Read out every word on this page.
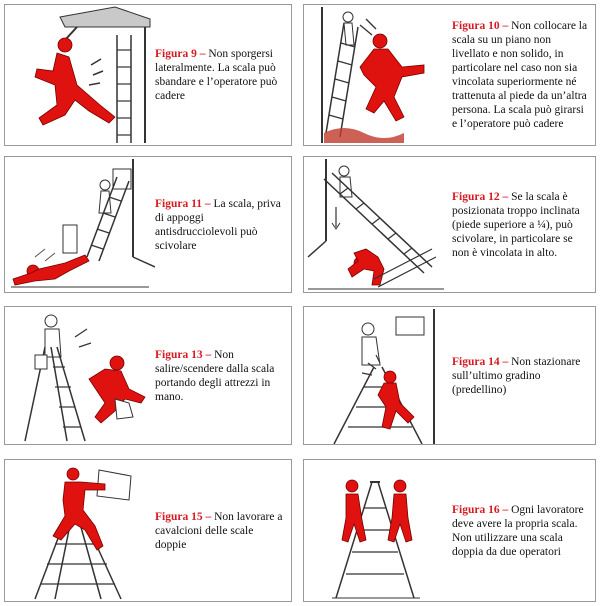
Figura 9 – Non sporgersi lateralmente. La scala può sbandare e l’operatore può cadere

Figura 10 – Non collocare la scala su un piano non livellato e non solido, in particolare nel caso non sia vincolata superiormente né trattenuta al piede da un’altra persona. La scala può girarsi e l’operatore può cadere

Figura 11 – La scala, priva di appoggi antisdrucciolevoli può scivolare

Figura 12 – Se la scala è posizionata troppo inclinata (piede superiore a ¼), può scivolare, in particolare se non è vincolata in alto.

Figura 13 – Non salire/scendere dalla scala portando degli attrezzi in mano.

Figura 14 – Non stazionare sull’ultimo gradino (predellino)

Figura 15 – Non lavorare a cavalcioni delle scale doppie

Figura 16 – Ogni lavoratore deve avere la propria scala. Non utilizzare una scala doppia da due operatori
